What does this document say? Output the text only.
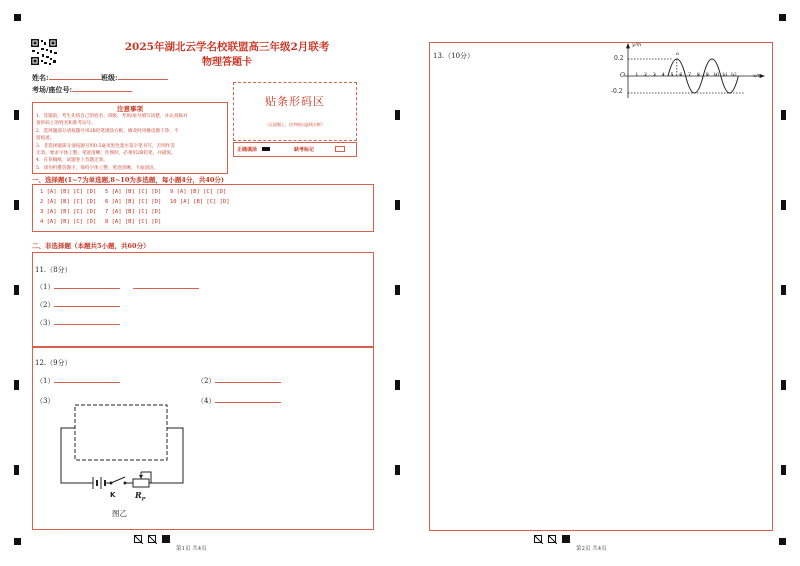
2025年湖北云学名校联盟高三年级2月联考
物理答题卡
姓名:	班级:
考场/座位号:
注意事项
1．答题前，考生先将自己的姓名、班级、考场/座号填写清楚，并认真核对
条形码上的姓名和准考证号。
2．选择题部分请按题号用2B铅笔填涂方框，修改时用橡皮擦干净，不
留痕迹。
3．非选择题部分请按题号用0.5毫米黑色墨水签字笔书写，否则作答
无效。要求字体工整、笔迹清晰，作图时，必须用2B铅笔，并描浓。
4．在草稿纸、试题卷上答题无效。
5．请勿折叠答题卡，保持字体工整、笔迹清晰、卡面清洁。
贴条形码区
（正面朝上，切勿贴出虚线方框）
正确填涂	缺考标记
一、选择题(1~7为单选题,8~10为多选题，每小题4分，共40分)
1 [A] [B] [C] [D]
2 [A] [B] [C] [D]
3 [A] [B] [C] [D]
4 [A] [B] [C] [D]
5 [A] [B] [C] [D]
6 [A] [B] [C] [D]
7 [A] [B] [C] [D]
8 [A] [B] [C] [D]
9 [A] [B] [C] [D]
10 [A] [B] [C] [D]
二、非选择题（本题共5小题，共60分）
11.（8分）
（1）
（2）
（3）
12.（9分）
（1）	（2）
（3）	（4）
K $R_P$
图乙
第1页 共4页
13.（10分）
y/m
x/m
O
0.2
-0.2
a
1	2	3	4	5	6	7	8	9 10 11 12
第2页 共4页
